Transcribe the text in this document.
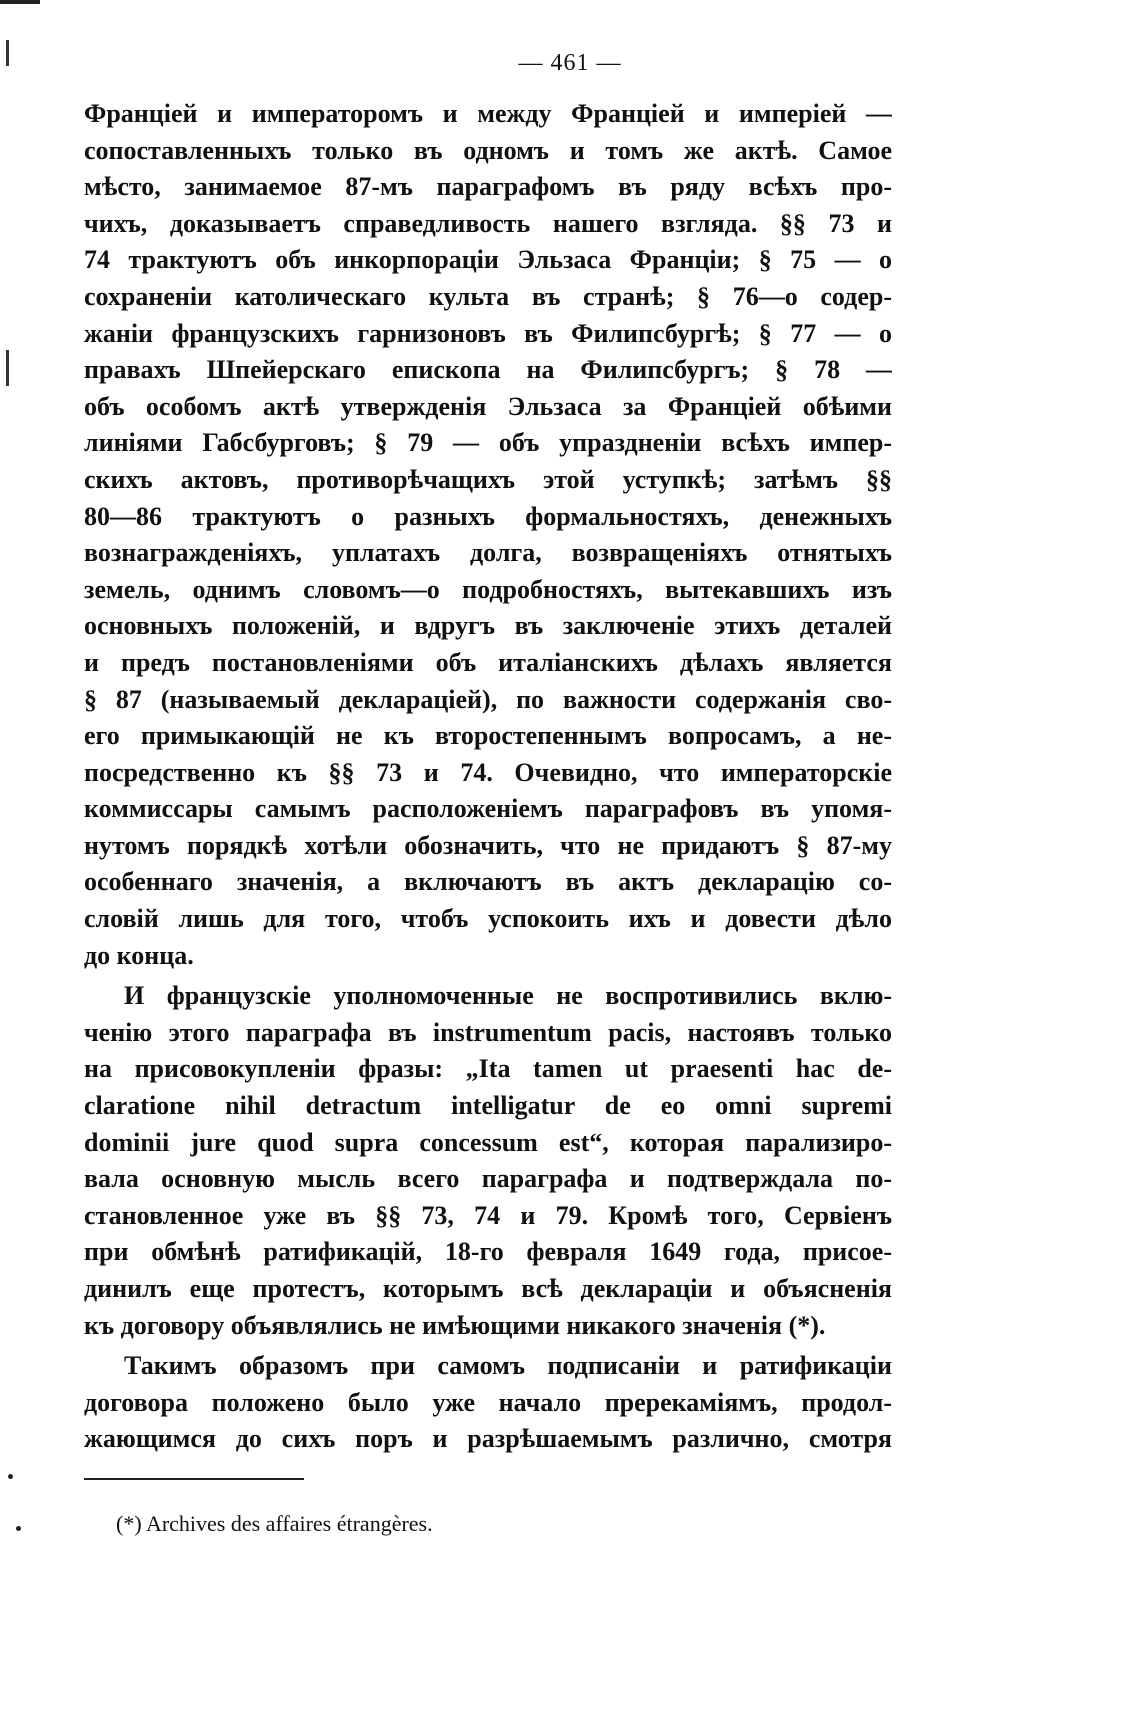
— 461 —
Франціей и императоромъ и между Франціей и имперіей —
сопоставленныхъ только въ одномъ и томъ же актѣ. Самое
мѣсто, занимаемое 87-мъ параграфомъ въ ряду всѣхъ про-
чихъ, доказываетъ справедливость нашего взгляда. §§ 73 и
74 трактуютъ объ инкорпораціи Эльзаса Франціи; § 75 — о
сохраненіи католическаго культа въ странѣ; § 76—о содер-
жаніи французскихъ гарнизоновъ въ Филипсбургѣ; § 77 — о
правахъ Шпейерскаго епископа на Филипсбургъ; § 78 —
объ особомъ актѣ утвержденія Эльзаса за Франціей обѣими
линіями Габсбурговъ; § 79 — объ упраздненіи всѣхъ импер-
скихъ актовъ, противорѣчащихъ этой уступкѣ; затѣмъ §§
80—86 трактуютъ о разныхъ формальностяхъ, денежныхъ
вознагражденіяхъ, уплатахъ долга, возвращеніяхъ отнятыхъ
земель, однимъ словомъ—о подробностяхъ, вытекавшихъ изъ
основныхъ положеній, и вдругъ въ заключеніе этихъ деталей
и предъ постановленіями объ италіанскихъ дѣлахъ является
§ 87 (называемый декларацiей), по важности содержанія сво-
его примыкающій не къ второстепеннымъ вопросамъ, а не-
посредственно къ §§ 73 и 74. Очевидно, что императорскіе
коммиссары самымъ расположеніемъ параграфовъ въ упомя-
нутомъ порядкѣ хотѣли обозначить, что не придаютъ § 87-му
особеннаго значенія, а включаютъ въ актъ декларацію со-
словій лишь для того, чтобъ успокоить ихъ и довести дѣло
до конца.
И французскіе уполномоченные не воспротивились вклю-
ченію этого параграфа въ instrumentum pacis, настоявъ только
на присовокупленіи фразы: „Ita tamen ut praesenti hac de-
claratione nihil detractum intelligatur de eo omni supremi
dominii jure quod supra concessum est“, которая парализиро-
вала основную мысль всего параграфа и подтверждала по-
становленное уже въ §§ 73, 74 и 79. Кромѣ того, Сервіенъ
при обмѣнѣ ратификацій, 18-го февраля 1649 года, присое-
динилъ еще протестъ, которымъ всѣ декларацiи и объясненія
къ договору объявлялись не имѣющими никакого значенія (*).
Такимъ образомъ при самомъ подписаніи и ратификаціи
договора положено было уже начало пререкаміямъ, продол-
жающимся до сихъ поръ и разрѣшаемымъ различно, смотря
(*) Archives des affaires étrangères.
